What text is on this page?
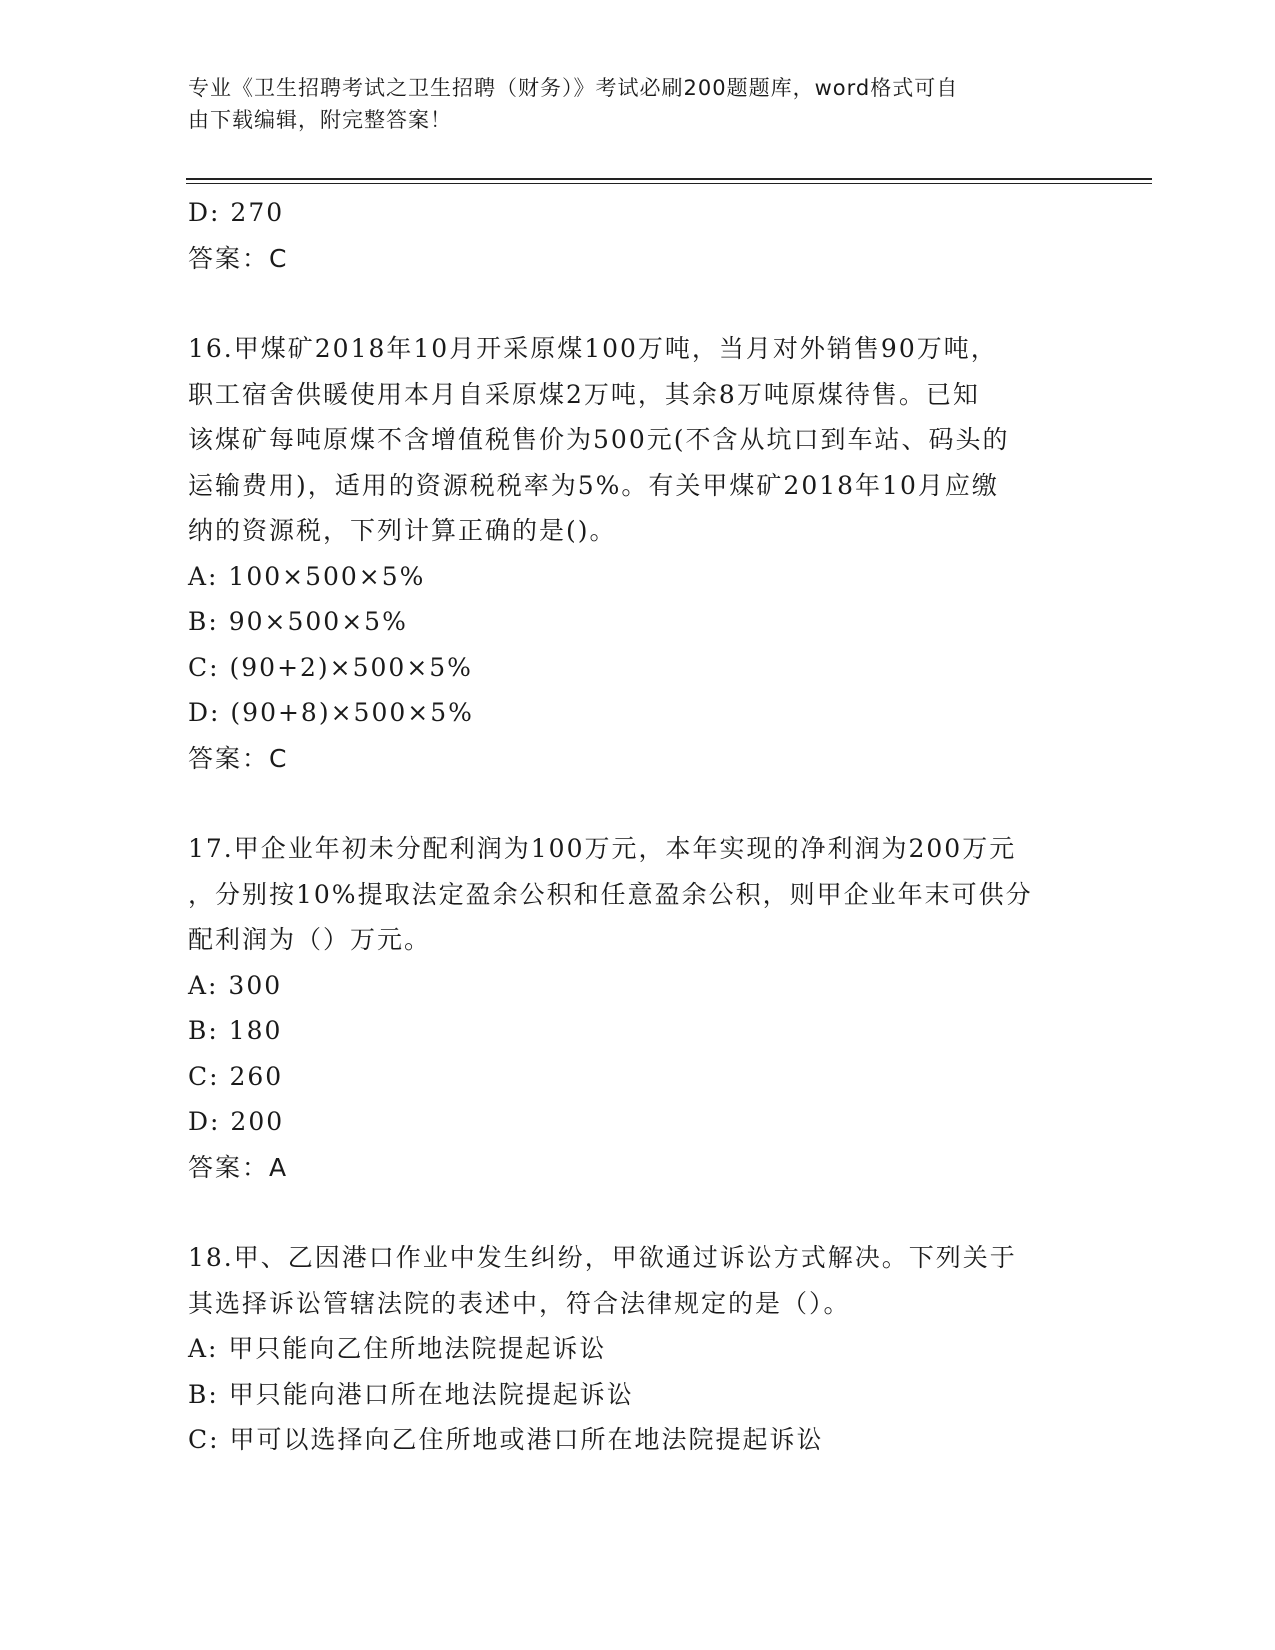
专业《卫生招聘考试之卫生招聘（财务）》考试必刷200题题库，word格式可自
由下载编辑，附完整答案！
D: 270
答案：C
16.甲煤矿2018年10月开采原煤100万吨，当月对外销售90万吨，
职工宿舍供暖使用本月自采原煤2万吨，其余8万吨原煤待售。已知
该煤矿每吨原煤不含增值税售价为500元(不含从坑口到车站、码头的
运输费用)，适用的资源税税率为5%。有关甲煤矿2018年10月应缴
纳的资源税，下列计算正确的是()。
A: 100×500×5%
B: 90×500×5%
C: (90+2)×500×5%
D: (90+8)×500×5%
答案：C
17.甲企业年初未分配利润为100万元，本年实现的净利润为200万元
，分别按10%提取法定盈余公积和任意盈余公积，则甲企业年末可供分
配利润为（）万元。
A: 300
B: 180
C: 260
D: 200
答案：A
18.甲、乙因港口作业中发生纠纷，甲欲通过诉讼方式解决。下列关于
其选择诉讼管辖法院的表述中，符合法律规定的是（）。
A: 甲只能向乙住所地法院提起诉讼
B: 甲只能向港口所在地法院提起诉讼
C: 甲可以选择向乙住所地或港口所在地法院提起诉讼
